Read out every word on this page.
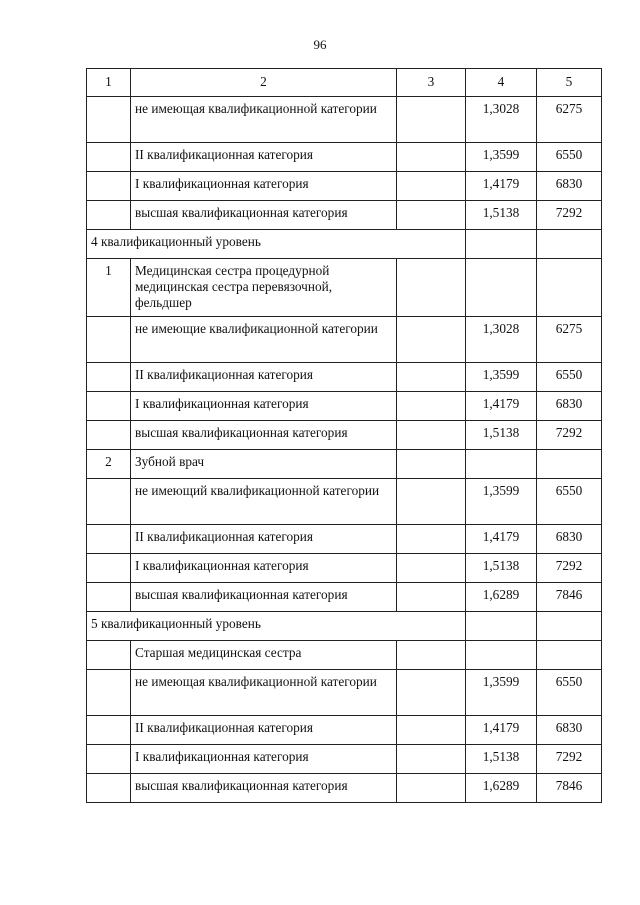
96
1	2	3	4	5
	не имеющая квалификационной категории		1,3028	6275
	II квалификационная категория		1,3599	6550
	I квалификационная категория		1,4179	6830
	высшая квалификационная категория		1,5138	7292
4 квалификационный уровень				
1	Медицинская сестра процедурной медицинская сестра перевязочной, фельдшер			
	не имеющие квалификационной категории		1,3028	6275
	II квалификационная категория		1,3599	6550
	I квалификационная категория		1,4179	6830
	высшая квалификационная категория		1,5138	7292
2	Зубной врач			
	не имеющий квалификационной категории		1,3599	6550
	II квалификационная категория		1,4179	6830
	I квалификационная категория		1,5138	7292
	высшая квалификационная категория		1,6289	7846
5 квалификационный уровень				
	Старшая медицинская сестра			
	не имеющая квалификационной категории		1,3599	6550
	II квалификационная категория		1,4179	6830
	I квалификационная категория		1,5138	7292
	высшая квалификационная категория		1,6289	7846
